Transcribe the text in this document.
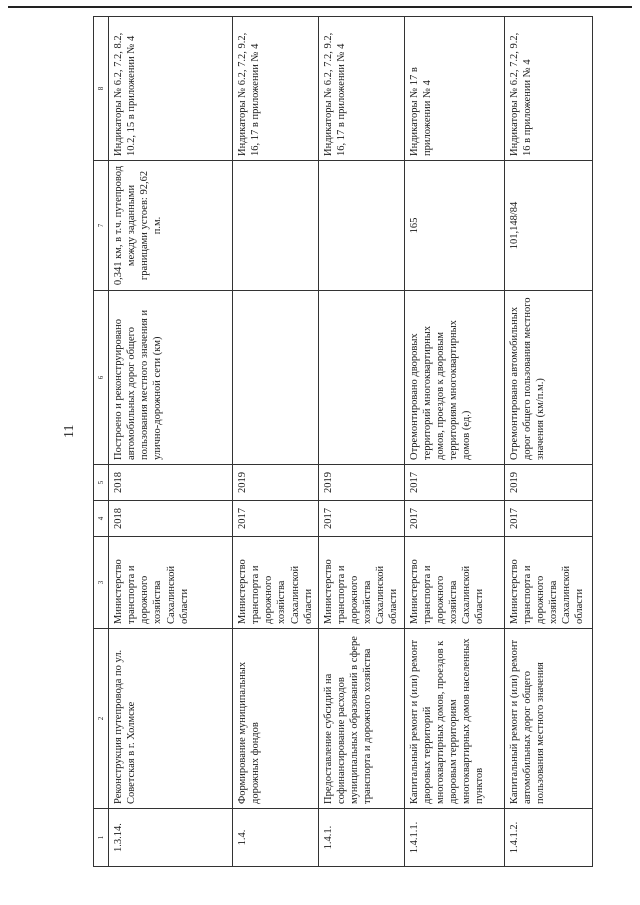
11
1	2	3	4	5	6	7	8
1.3.14.	Реконструкция путепровода по ул. Советская в г. Холмске	Министерство транспорта и дорожного хозяйства Сахалинской области	2018	2018	Построено и реконструировано автомобильных дорог общего пользования местного значения и улично-дорожной сети (км)	0,341 км, в т.ч. путепровод между заданными границами устоев: 92,62 п.м.	Индикаторы № 6.2, 7.2, 8.2, 10.2, 15 в приложении № 4
1.4.	Формирование муниципальных дорожных фондов	Министерство транспорта и дорожного хозяйства Сахалинской области	2017	2019			Индикаторы № 6.2, 7.2, 9.2, 16, 17 в приложении № 4
1.4.1.	Предоставление субсидий на софинансирование расходов муниципальных образований в сфере транспорта и дорожного хозяйства	Министерство транспорта и дорожного хозяйства Сахалинской области	2017	2019			Индикаторы № 6.2, 7.2, 9.2, 16, 17 в приложении № 4
1.4.1.1.	Капитальный ремонт и (или) ремонт дворовых территорий многоквартирных домов, проездов к дворовым территориям многоквартирных домов населенных пунктов	Министерство транспорта и дорожного хозяйства Сахалинской области	2017	2017	Отремонтировано дворовых территорий многоквартирных домов, проездов к дворовым территориям многоквартирных домов (ед.)	165	Индикаторы № 17 в приложении № 4
1.4.1.2.	Капитальный ремонт и (или) ремонт автомобильных дорог общего пользования местного значения	Министерство транспорта и дорожного хозяйства Сахалинской области	2017	2019	Отремонтировано автомобильных дорог общего пользования местного значения (км/п.м.)	101,148/84	Индикаторы № 6.2, 7.2, 9.2, 16 в приложении № 4
